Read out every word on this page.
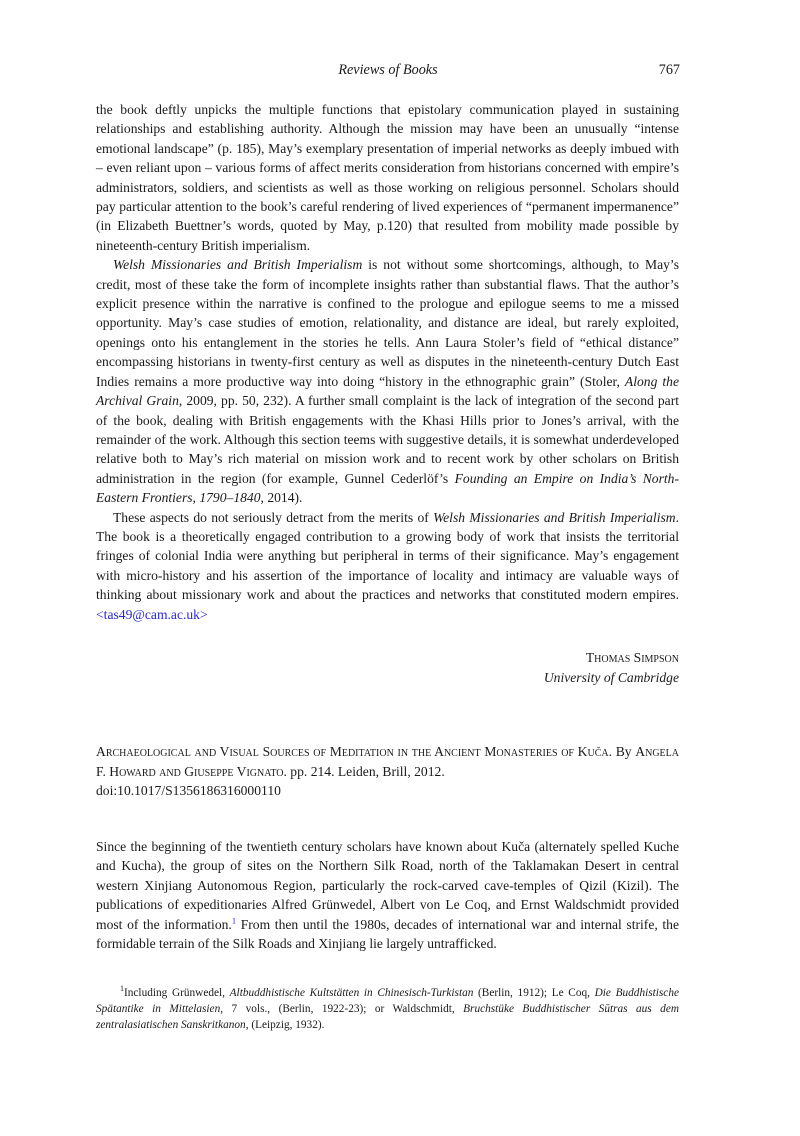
Reviews of Books	767

the book deftly unpicks the multiple functions that epistolary communication played in sustaining relationships and establishing authority. Although the mission may have been an unusually “intense emotional landscape” (p. 185), May’s exemplary presentation of imperial networks as deeply imbued with – even reliant upon – various forms of affect merits consideration from historians concerned with empire’s administrators, soldiers, and scientists as well as those working on religious personnel. Scholars should pay particular attention to the book’s careful rendering of lived experiences of “permanent impermanence” (in Elizabeth Buettner’s words, quoted by May, p.120) that resulted from mobility made possible by nineteenth-century British imperialism.

Welsh Missionaries and British Imperialism is not without some shortcomings, although, to May’s credit, most of these take the form of incomplete insights rather than substantial flaws. That the author’s explicit presence within the narrative is confined to the prologue and epilogue seems to me a missed opportunity. May’s case studies of emotion, relationality, and distance are ideal, but rarely exploited, openings onto his entanglement in the stories he tells. Ann Laura Stoler’s field of “ethical distance” encompassing historians in twenty-first century as well as disputes in the nineteenth-century Dutch East Indies remains a more productive way into doing “history in the ethnographic grain” (Stoler, Along the Archival Grain, 2009, pp. 50, 232). A further small complaint is the lack of integration of the second part of the book, dealing with British engagements with the Khasi Hills prior to Jones’s arrival, with the remainder of the work. Although this section teems with suggestive details, it is somewhat underdeveloped relative both to May’s rich material on mission work and to recent work by other scholars on British administration in the region (for example, Gunnel Cederlöf’s Founding an Empire on India’s North-Eastern Frontiers, 1790–1840, 2014).

These aspects do not seriously detract from the merits of Welsh Missionaries and British Imperialism. The book is a theoretically engaged contribution to a growing body of work that insists the territorial fringes of colonial India were anything but peripheral in terms of their significance. May’s engagement with micro-history and his assertion of the importance of locality and intimacy are valuable ways of thinking about missionary work and about the practices and networks that constituted modern empires. <tas49@cam.ac.uk>

Thomas Simpson
University of Cambridge
Archaeological and Visual Sources of Meditation in the Ancient Monasteries of Kuča. By Angela F. Howard and Giuseppe Vignato. pp. 214. Leiden, Brill, 2012.
doi:10.1017/S1356186316000110

Since the beginning of the twentieth century scholars have known about Kuča (alternately spelled Kuche and Kucha), the group of sites on the Northern Silk Road, north of the Taklamakan Desert in central western Xinjiang Autonomous Region, particularly the rock-carved cave-temples of Qizil (Kizil). The publications of expeditionaries Alfred Grünwedel, Albert von Le Coq, and Ernst Waldschmidt provided most of the information.$^1$ From then until the 1980s, decades of international war and internal strife, the formidable terrain of the Silk Roads and Xinjiang lie largely untrafficked.

$^1$Including Grünwedel, Altbuddhistische Kultstätten in Chinesisch-Turkistan (Berlin, 1912); Le Coq, Die Buddhistische Spätantike in Mittelasien, 7 vols., (Berlin, 1922-23); or Waldschmidt, Bruchstüke Buddhistischer Sūtras aus dem zentralasiatischen Sanskritkanon, (Leipzig, 1932).
